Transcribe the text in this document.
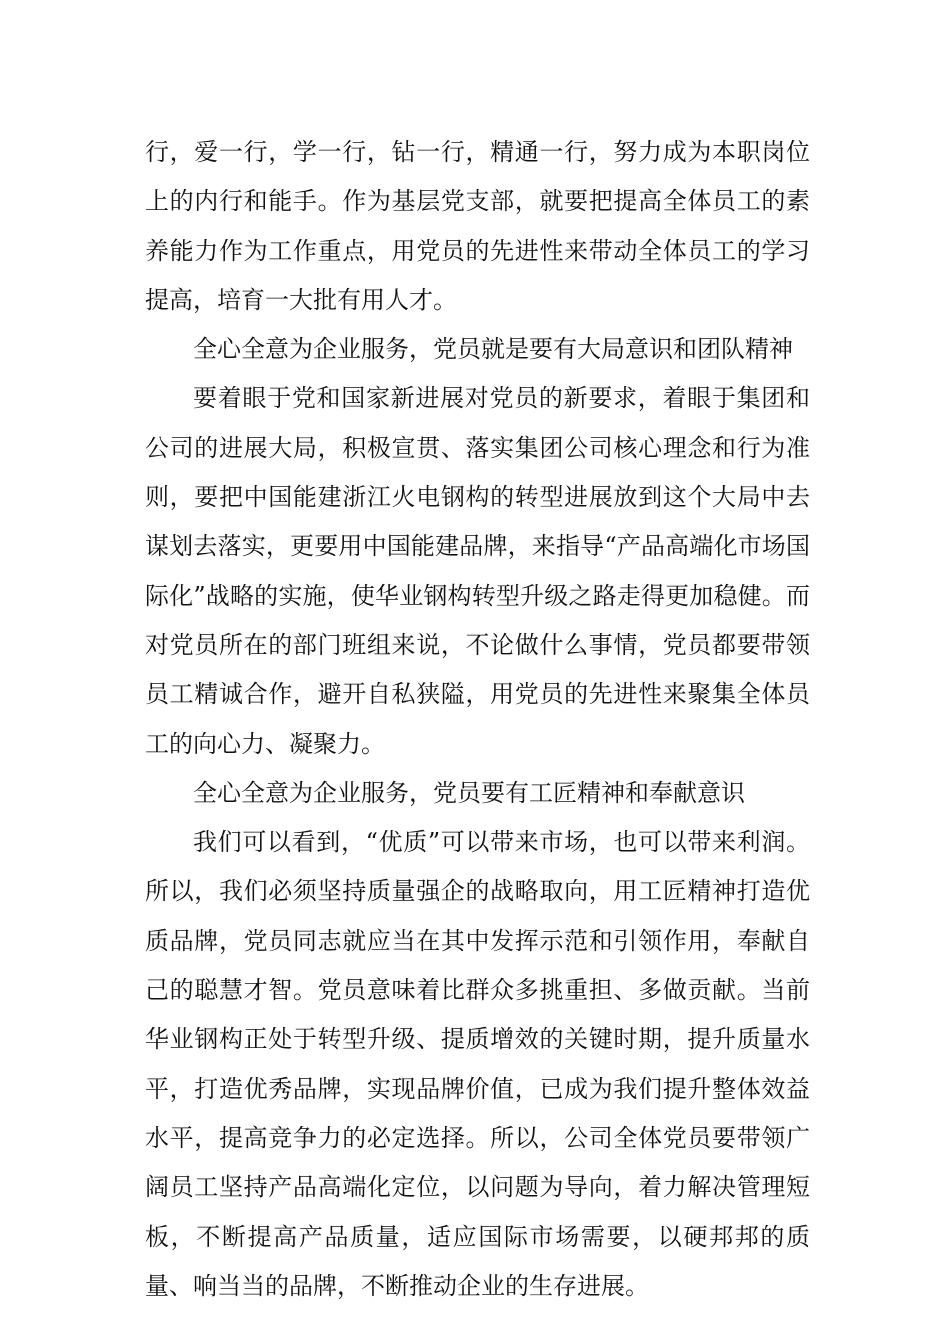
行，爱一行，学一行，钻一行，精通一行，努力成为本职岗位上的内行和能手。作为基层党支部，就要把提高全体员工的素养能力作为工作重点，用党员的先进性来带动全体员工的学习提高，培育一大批有用人才。

全心全意为企业服务，党员就是要有大局意识和团队精神

要着眼于党和国家新进展对党员的新要求，着眼于集团和公司的进展大局，积极宣贯、落实集团公司核心理念和行为准则，要把中国能建浙江火电钢构的转型进展放到这个大局中去谋划去落实，更要用中国能建品牌，来指导“产品高端化市场国际化”战略的实施，使华业钢构转型升级之路走得更加稳健。而对党员所在的部门班组来说，不论做什么事情，党员都要带领员工精诚合作，避开自私狭隘，用党员的先进性来聚集全体员工的向心力、凝聚力。

全心全意为企业服务，党员要有工匠精神和奉献意识

我们可以看到，“优质”可以带来市场，也可以带来利润。所以，我们必须坚持质量强企的战略取向，用工匠精神打造优质品牌，党员同志就应当在其中发挥示范和引领作用，奉献自己的聪慧才智。党员意味着比群众多挑重担、多做贡献。当前华业钢构正处于转型升级、提质增效的关键时期，提升质量水平，打造优秀品牌，实现品牌价值，已成为我们提升整体效益水平，提高竞争力的必定选择。所以，公司全体党员要带领广阔员工坚持产品高端化定位，以问题为导向，着力解决管理短板，不断提高产品质量，适应国际市场需要，以硬邦邦的质量、响当当的品牌，不断推动企业的生存进展。
